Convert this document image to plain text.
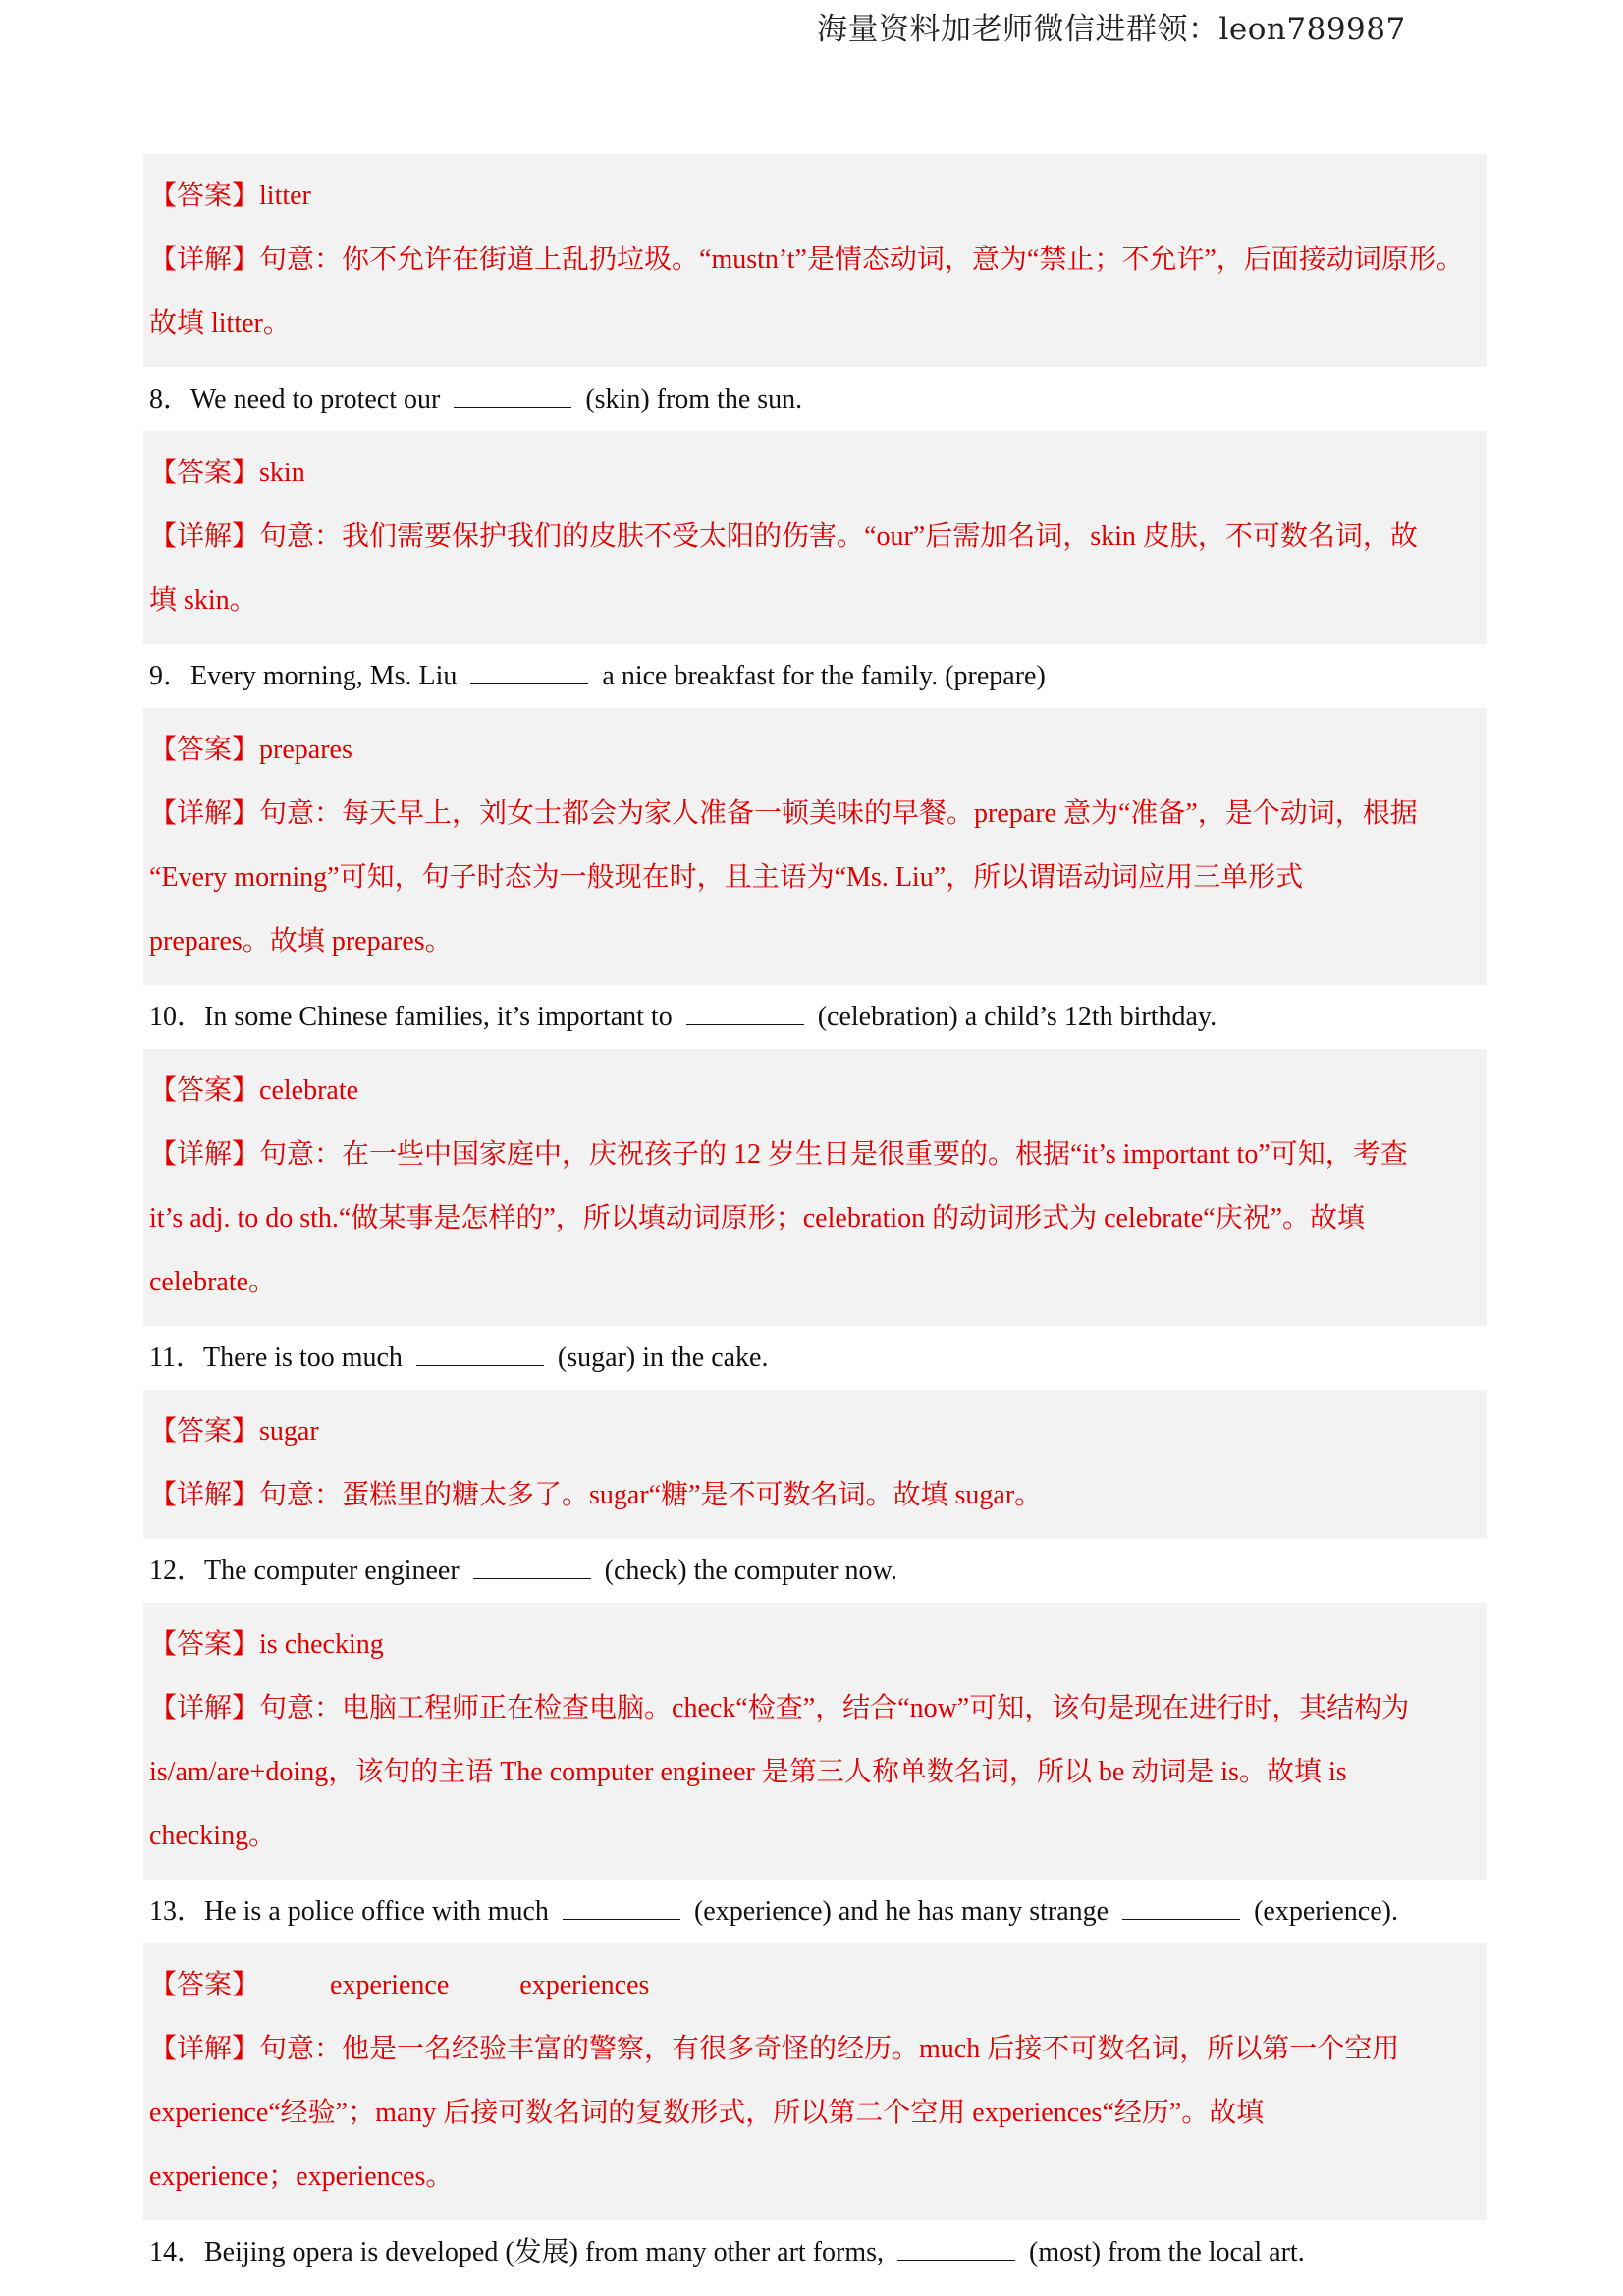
海量资料加老师微信进群领：leon789987
【答案】litter
【详解】句意：你不允许在街道上乱扔垃圾。“mustn’t”是情态动词，意为“禁止；不允许”，后面接动词原形。
故填 litter。
8．We need to protect our	(skin) from the sun.
【答案】skin
【详解】句意：我们需要保护我们的皮肤不受太阳的伤害。“our”后需加名词，skin 皮肤，不可数名词，故
填 skin。
9．Every morning, Ms. Liu	a nice breakfast for the family. (prepare)
【答案】prepares
【详解】句意：每天早上，刘女士都会为家人准备一顿美味的早餐。prepare 意为“准备”，是个动词，根据
“Every morning”可知，句子时态为一般现在时，且主语为“Ms. Liu”，所以谓语动词应用三单形式
prepares。故填 prepares。
10．In some Chinese families, it’s important to	(celebration) a child’s 12th birthday.
【答案】celebrate
【详解】句意：在一些中国家庭中，庆祝孩子的 12 岁生日是很重要的。根据“it’s important to”可知，考查
it’s adj. to do sth.“做某事是怎样的”，所以填动词原形；celebration 的动词形式为 celebrate“庆祝”。故填
celebrate。
11．There is too much	(sugar) in the cake.
【答案】sugar
【详解】句意：蛋糕里的糖太多了。sugar“糖”是不可数名词。故填 sugar。
12．The computer engineer	(check) the computer now.
【答案】is checking
【详解】句意：电脑工程师正在检查电脑。check“检查”，结合“now”可知，该句是现在进行时，其结构为
is/am/are+doing，该句的主语 The computer engineer 是第三人称单数名词，所以 be 动词是 is。故填 is
checking。
13．He is a police office with much	(experience) and he has many strange	(experience).
【答案】	experience	experiences
【详解】句意：他是一名经验丰富的警察，有很多奇怪的经历。much 后接不可数名词，所以第一个空用
experience“经验”；many 后接可数名词的复数形式，所以第二个空用 experiences“经历”。故填
experience；experiences。
14．Beijing opera is developed (发展) from many other art forms,	(most) from the local art.
